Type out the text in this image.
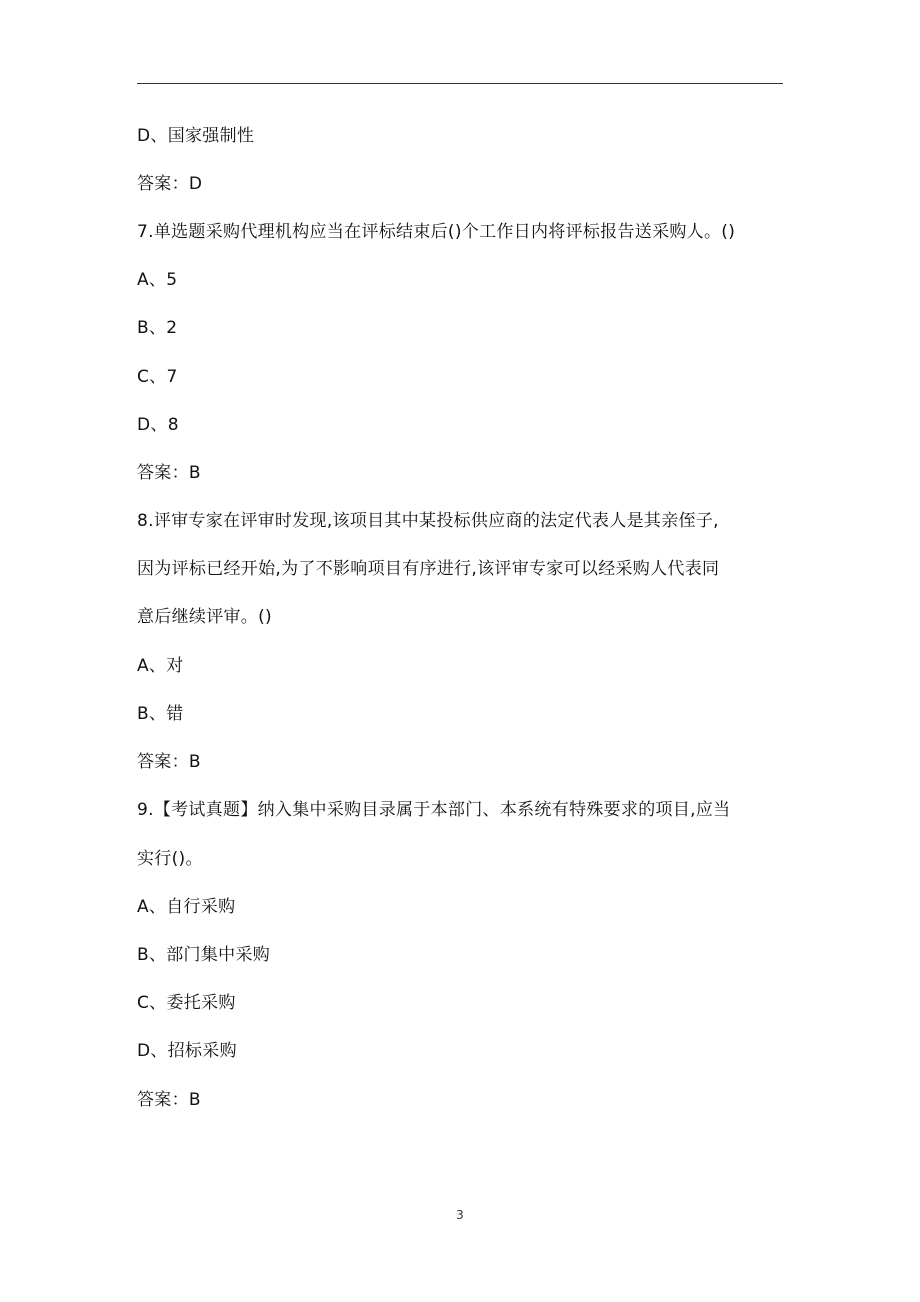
D、国家强制性
答案：D
7.单选题采购代理机构应当在评标结束后()个工作日内将评标报告送采购人。()
A、5
B、2
C、7
D、8
答案：B
8.评审专家在评审时发现,该项目其中某投标供应商的法定代表人是其亲侄子,
因为评标已经开始,为了不影响项目有序进行,该评审专家可以经采购人代表同
意后继续评审。()
A、对
B、错
答案：B
9.【考试真题】纳入集中采购目录属于本部门、本系统有特殊要求的项目,应当
实行()。
A、自行采购
B、部门集中采购
C、委托采购
D、招标采购
答案：B
3
